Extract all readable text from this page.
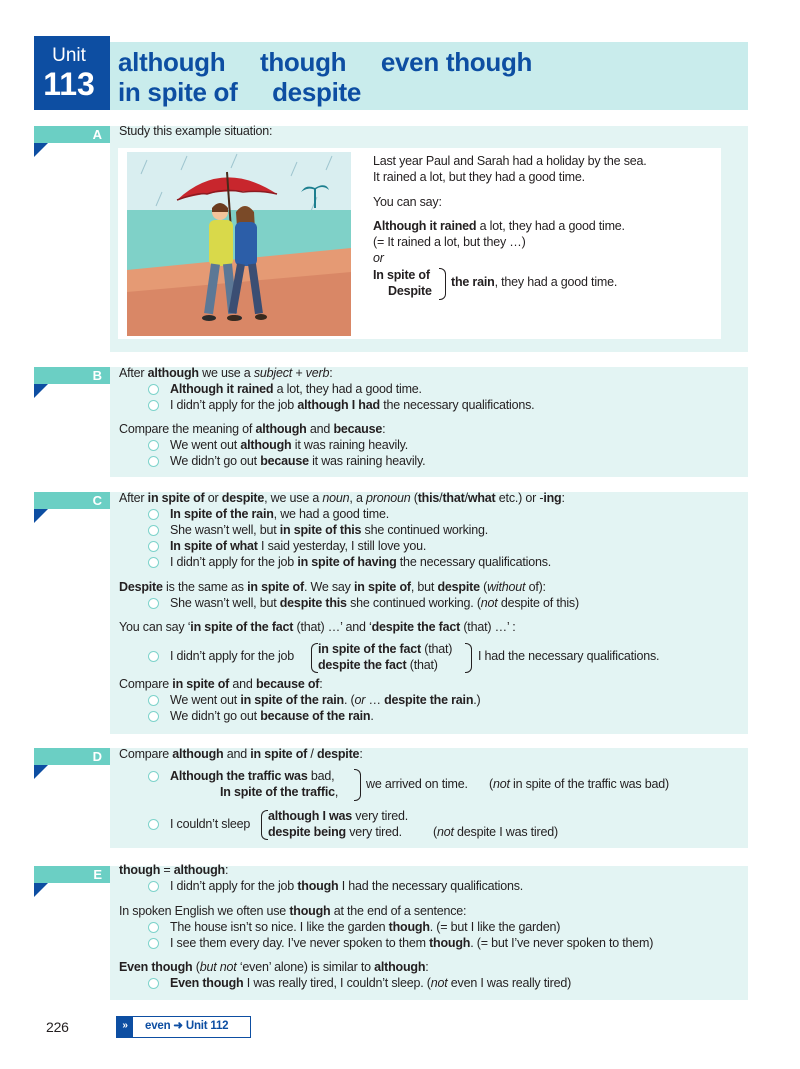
Unit
113
although     though     even though
in spite of     despite
A	Study this example situation:
Last year Paul and Sarah had a holiday by the sea.
It rained a lot, but they had a good time.
You can say:
Although it rained a lot, they had a good time.
(= It rained a lot, but they …)
or
In spite of
Despite
the rain, they had a good time.
B	After although we use a subject + verb:
Although it rained a lot, they had a good time.
I didn’t apply for the job although I had the necessary qualifications.
Compare the meaning of although and because:
We went out although it was raining heavily.
We didn’t go out because it was raining heavily.
C	After in spite of or despite, we use a noun, a pronoun (this/that/what etc.) or -ing:
In spite of the rain, we had a good time.
She wasn’t well, but in spite of this she continued working.
In spite of what I said yesterday, I still love you.
I didn’t apply for the job in spite of having the necessary qualifications.
Despite is the same as in spite of. We say in spite of, but despite (without of):
She wasn’t well, but despite this she continued working. (not despite of this)
You can say ‘in spite of the fact (that) …’ and ‘despite the fact (that) …’ :
I didn’t apply for the job in spite of the fact (that)
despite the fact (that)
I had the necessary qualifications.
Compare in spite of and because of:
We went out in spite of the rain. (or … despite the rain.)
We didn’t go out because of the rain.
D	Compare although and in spite of / despite:
Although the traffic was bad,
In spite of the traffic,
we arrived on time. (not in spite of the traffic was bad)
I couldn’t sleep
although I was very tired.
despite being very tired. (not despite I was tired)
E	though = although:
I didn’t apply for the job though I had the necessary qualifications.
In spoken English we often use though at the end of a sentence:
The house isn’t so nice. I like the garden though. (= but I like the garden)
I see them every day. I’ve never spoken to them though. (= but I’ve never spoken to them)
Even though (but not ‘even’ alone) is similar to although:
Even though I was really tired, I couldn’t sleep. (not even I was really tired)
226	»	even ➜ Unit 112
